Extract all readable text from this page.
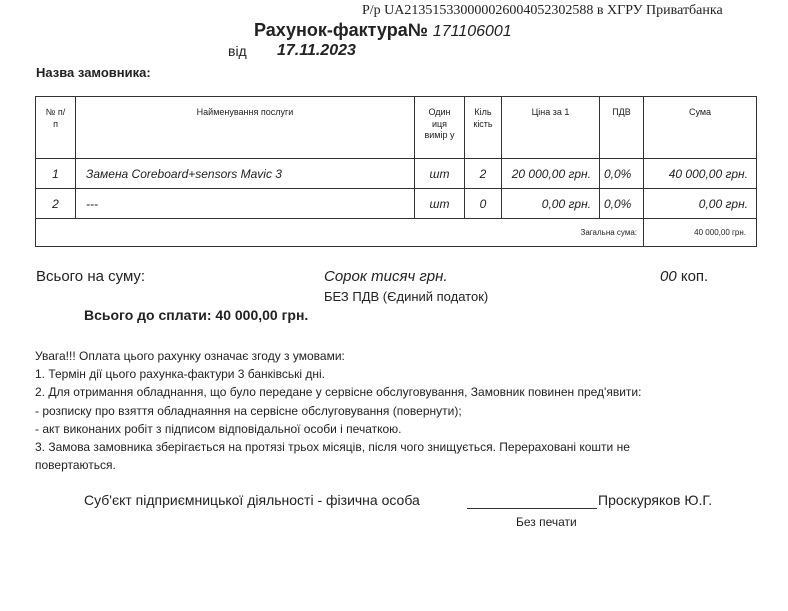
Р/р UA213515330000026004052302588 в ХГРУ Приватбанка
Рахунок-фактура№ 171106001
від 17.11.2023
Назва замовника:
№ п/п	Найменування послуги	Один иця вимір у	Кіль кість	Ціна за 1	ПДВ	Сума
1	Замена Coreboard+sensors Mavic 3	шт	2	20 000,00 грн.	0,0%	40 000,00 грн.
2	---	шт	0	0,00 грн.	0,0%	0,00 грн.
Загальна сума:						40 000,00 грн.
Всього на суму:	Сорок тисяч грн.	00 коп.
БЕЗ ПДВ (Єдиний податок)
Всього до сплати: 40 000,00 грн.
Увага!!! Оплата цього рахунку означає згоду з умовами:
1. Термін дії цього рахунка-фактури 3 банківські дні.
2. Для отримання обладнання, що було передане у сервісне обслуговування, Замовник повинен пред'явити:
- розписку про взяття обладнаяння на сервісне обслуговування (повернути);
- акт виконаних робіт з підписом відповідальної особи і печаткою.
3. Замова замовника зберігається на протязі трьох місяців, після чого знищується. Перераховані кошти не
повертаються.
Суб'єкт підприємницької діяльності - фізична особа	Проскуряков Ю.Г.
Без печати
